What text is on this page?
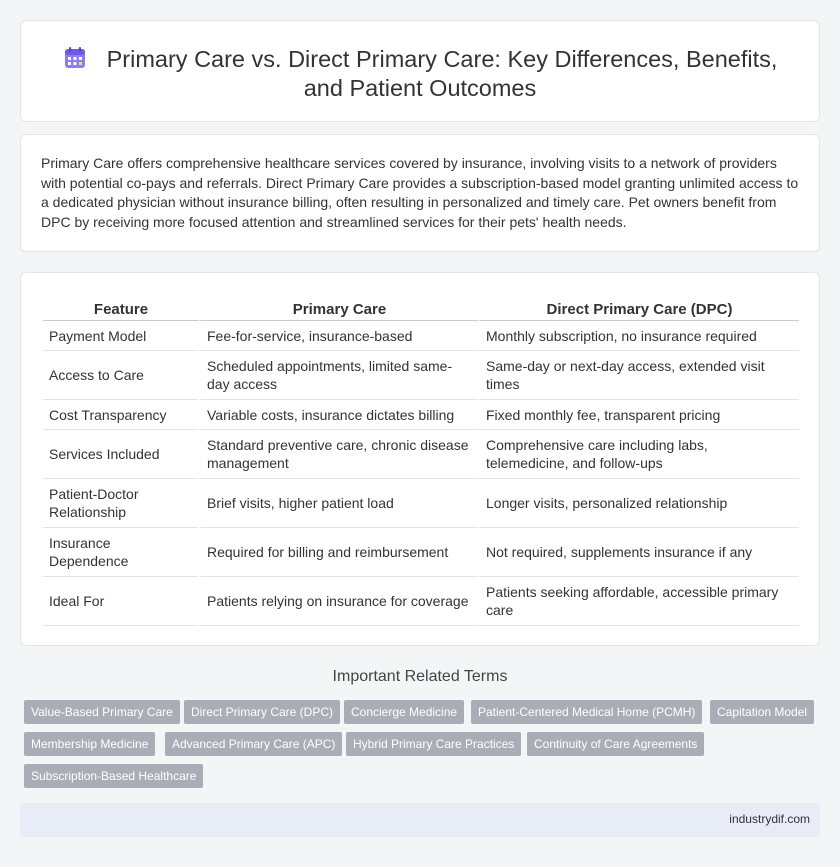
Primary Care vs. Direct Primary Care: Key Differences, Benefits,
and Patient Outcomes

Primary Care offers comprehensive healthcare services covered by insurance, involving visits to a network of providers with potential co-pays and referrals. Direct Primary Care provides a subscription-based model granting unlimited access to a dedicated physician without insurance billing, often resulting in personalized and timely care. Pet owners benefit from DPC by receiving more focused attention and streamlined services for their pets' health needs.

Feature	Primary Care	Direct Primary Care (DPC)
Payment Model	Fee-for-service, insurance-based	Monthly subscription, no insurance required
Access to Care	Scheduled appointments, limited same-day access	Same-day or next-day access, extended visit times
Cost Transparency	Variable costs, insurance dictates billing	Fixed monthly fee, transparent pricing
Services Included	Standard preventive care, chronic disease management	Comprehensive care including labs, telemedicine, and follow-ups
Patient-Doctor Relationship	Brief visits, higher patient load	Longer visits, personalized relationship
Insurance Dependence	Required for billing and reimbursement	Not required, supplements insurance if any
Ideal For	Patients relying on insurance for coverage	Patients seeking affordable, accessible primary care
Important Related Terms
Value-Based Primary Care	Direct Primary Care (DPC)	Concierge Medicine	Patient-Centered Medical Home (PCMH)	Capitation Model
Membership Medicine	Advanced Primary Care (APC)	Hybrid Primary Care Practices	Continuity of Care Agreements
Subscription-Based Healthcare
industrydif.com
